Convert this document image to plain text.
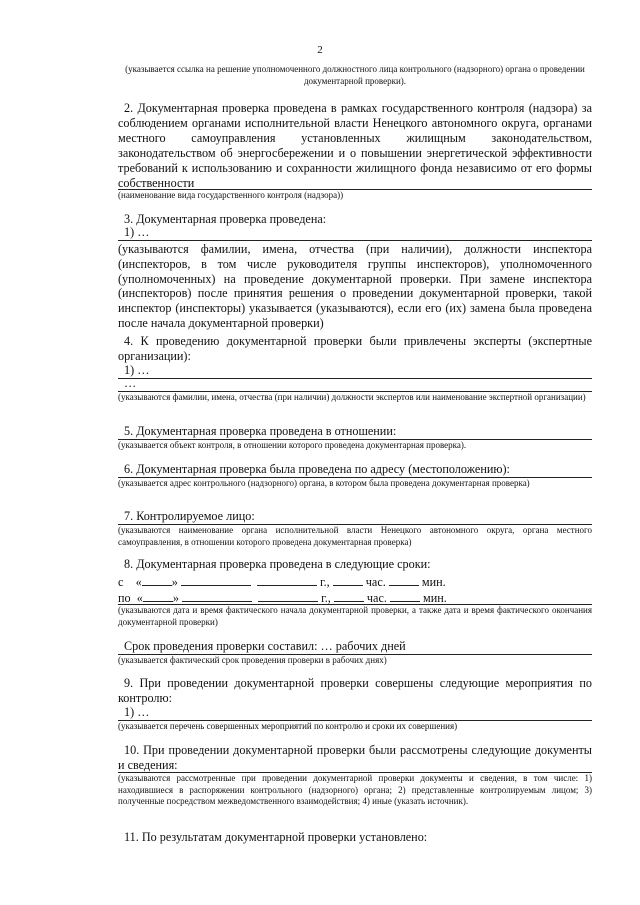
2
(указывается ссылка на решение уполномоченного должностного лица контрольного (надзорного) органа о проведении документарной проверки).
2. Документарная проверка проведена в рамках государственного контроля (надзора) за соблюдением органами исполнительной власти Ненецкого автономного округа, органами местного самоуправления установленных жилищным законодательством, законодательством об энергосбережении и о повышении энергетической эффективности требований к использованию и сохранности жилищного фонда независимо от его формы собственности
(наименование вида государственного контроля (надзора))
3. Документарная проверка проведена:
1) …
(указываются фамилии, имена, отчества (при наличии), должности инспектора (инспекторов, в том числе руководителя группы инспекторов), уполномоченного (уполномоченных) на проведение документарной проверки. При замене инспектора (инспекторов) после принятия решения о проведении документарной проверки, такой инспектор (инспекторы) указывается (указываются), если его (их) замена была проведена после начала документарной проверки)
4. К проведению документарной проверки были привлечены эксперты (экспертные организации):
1) …
…
(указываются фамилии, имена, отчества (при наличии) должности экспертов или наименование экспертной организации)
5. Документарная проверка проведена в отношении:
(указывается объект контроля, в отношении которого проведена документарная проверка).
6. Документарная проверка была проведена по адресу (местоположению):
(указывается адрес контрольного (надзорного) органа, в котором была проведена документарная проверка)
7. Контролируемое лицо:
(указываются наименование органа исполнительной власти Ненецкого автономного округа, органа местного самоуправления, в отношении которого проведена документарная проверка)
8. Документарная проверка проведена в следующие сроки:
с « »	г.,	час.	мин.
по « »	г.,	час.	мин.
(указываются дата и время фактического начала документарной проверки, а также дата и время фактического окончания документарной проверки)
Срок проведения проверки составил: … рабочих дней
(указывается фактический срок проведения проверки в рабочих днях)
9. При проведении документарной проверки совершены следующие мероприятия по контролю:
1) …
(указывается перечень совершенных мероприятий по контролю и сроки их совершения)
10. При проведении документарной проверки были рассмотрены следующие документы и сведения:
(указываются рассмотренные при проведении документарной проверки документы и сведения, в том числе: 1) находившиеся в распоряжении контрольного (надзорного) органа; 2) представленные контролируемым лицом; 3) полученные посредством межведомственного взаимодействия; 4) иные (указать источник).
11. По результатам документарной проверки установлено:
